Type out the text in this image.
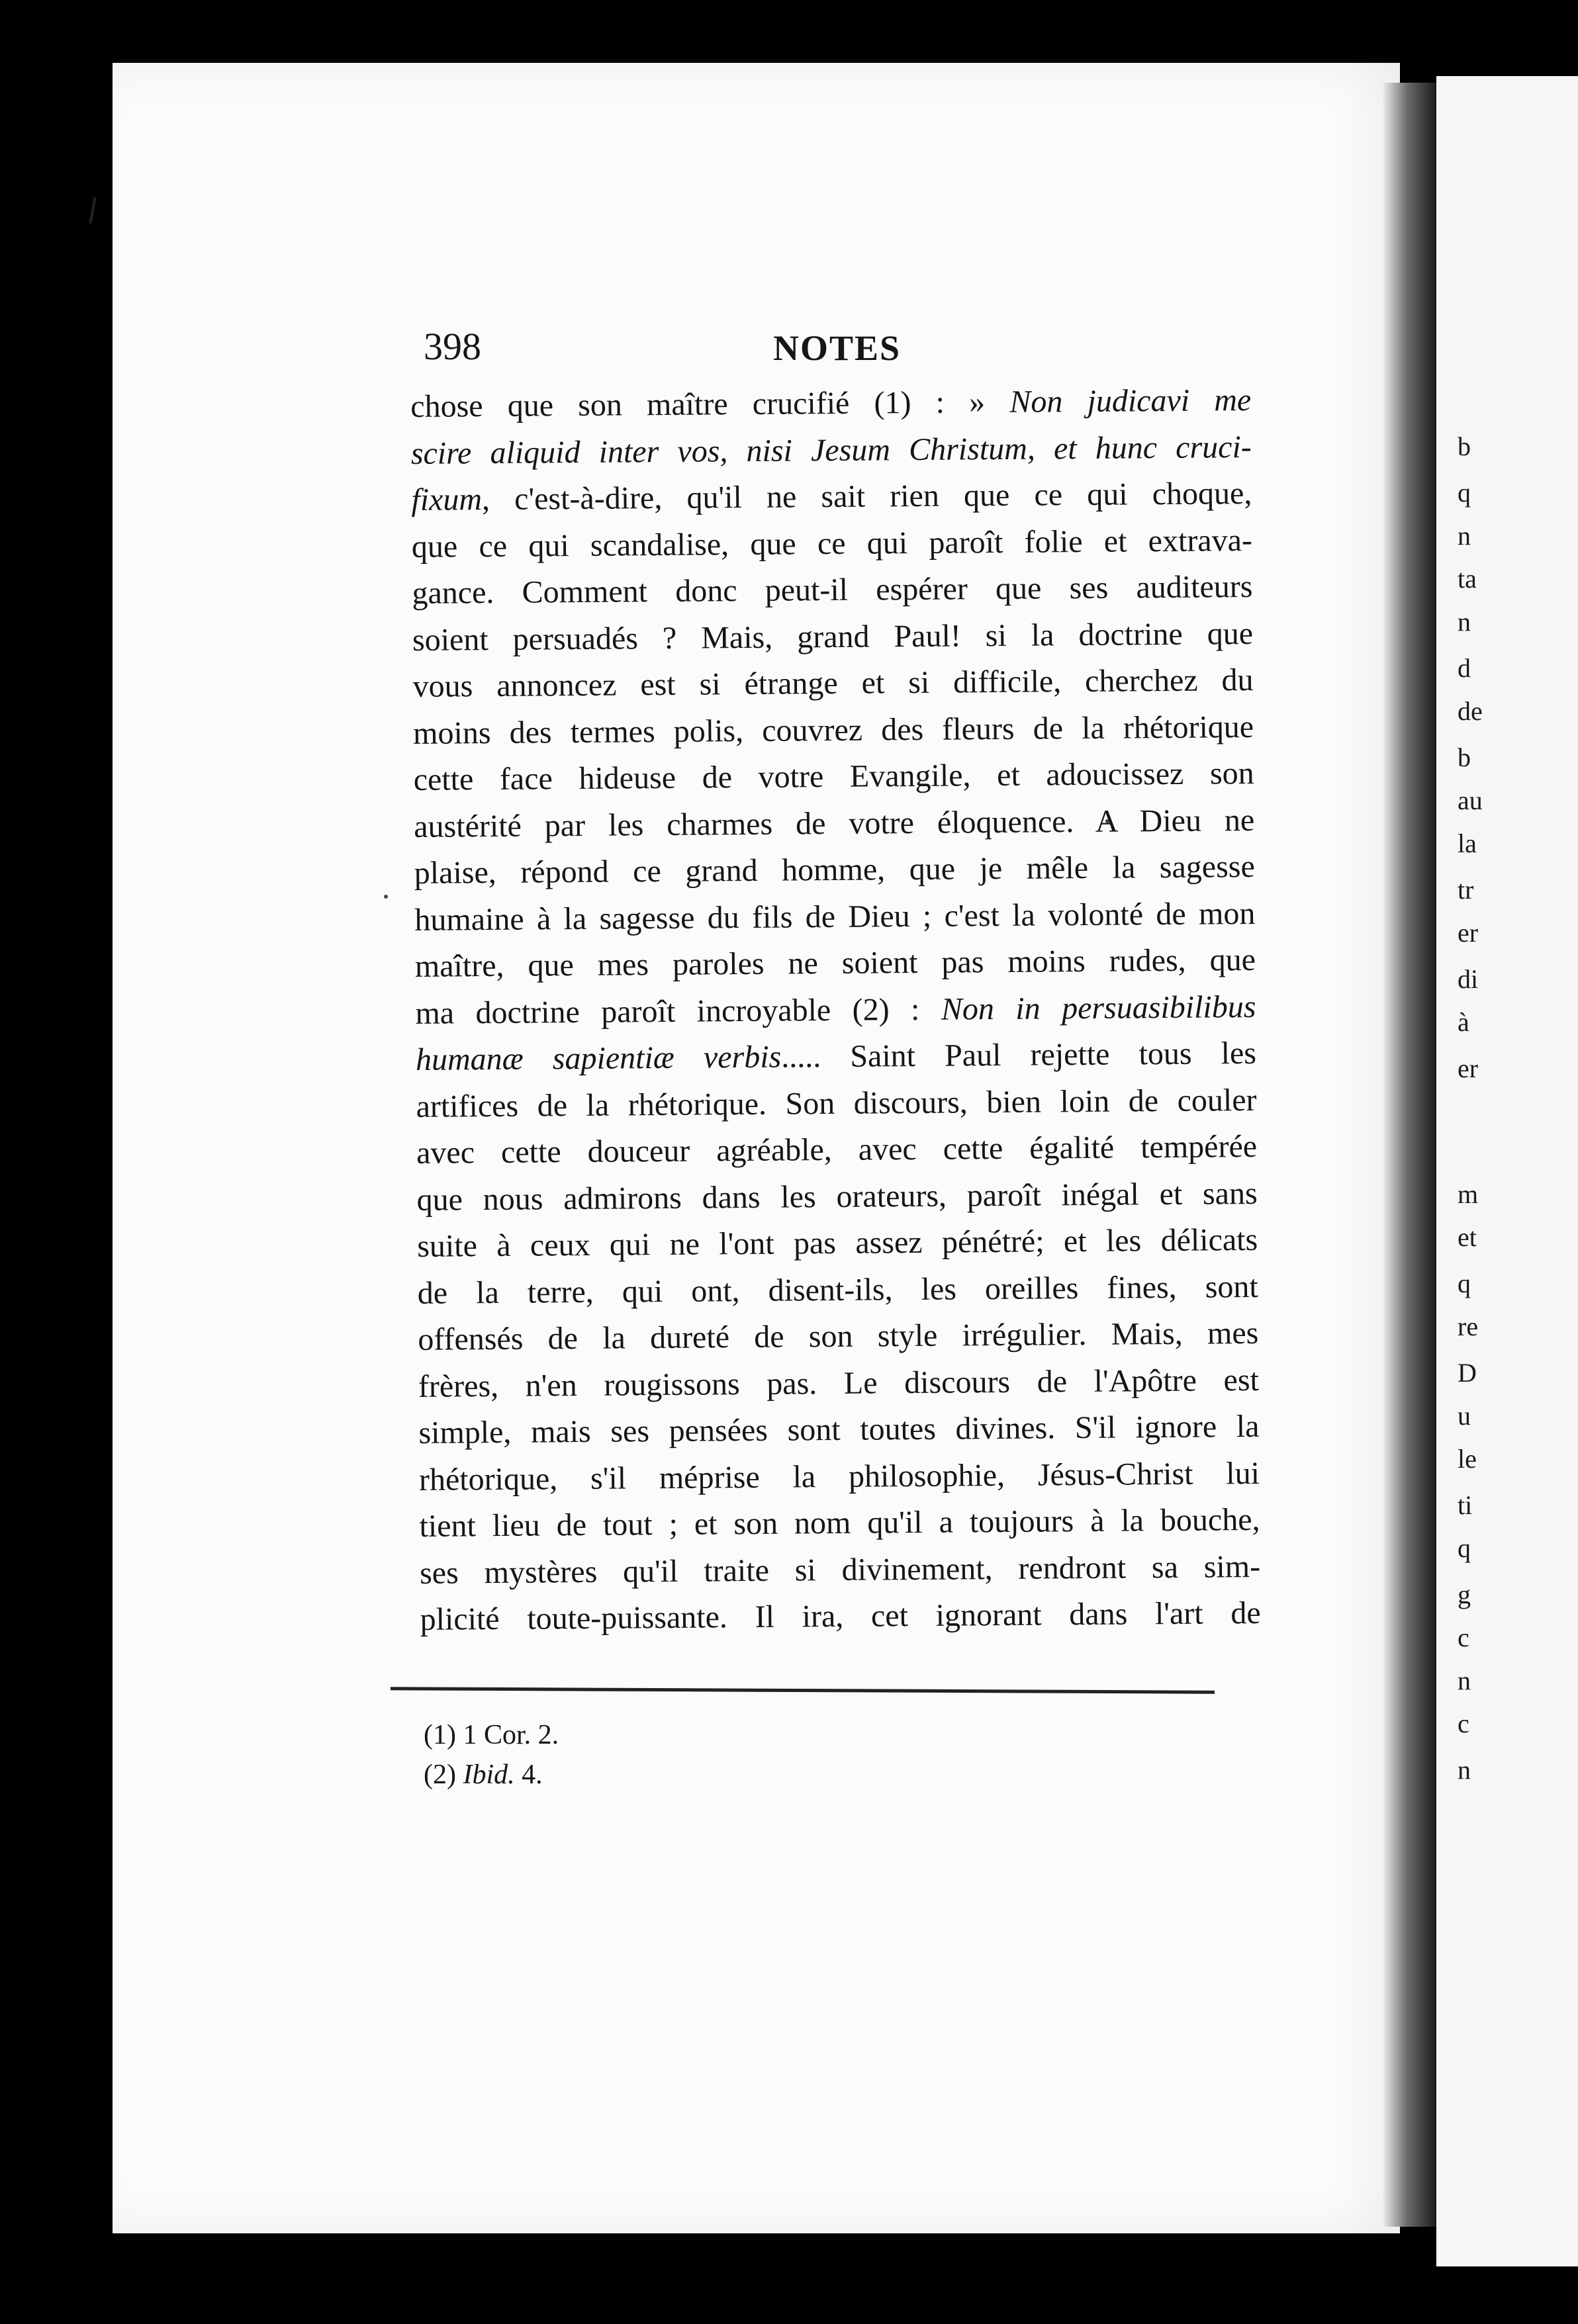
b
q
n
ta
n
d
de
b
au
la
tr
er
di
à
er
m
et
q
re
D
u
le
ti
q
g
c
n
c
n
398	NOTES
chose que son maître crucifié (1) : » Non judicavi me
scire aliquid inter vos, nisi Jesum Christum, et hunc cruci-
fixum, c'est-à-dire, qu'il ne sait rien que ce qui choque,
que ce qui scandalise, que ce qui paroît folie et extrava-
gance. Comment donc peut-il espérer que ses auditeurs
soient persuadés ? Mais, grand Paul! si la doctrine que
vous annoncez est si étrange et si difficile, cherchez du
moins des termes polis, couvrez des fleurs de la rhétorique
cette face hideuse de votre Evangile, et adoucissez son
austérité par les charmes de votre éloquence. A Dieu ne
plaise, répond ce grand homme, que je mêle la sagesse
humaine à la sagesse du fils de Dieu ; c'est la volonté de mon
maître, que mes paroles ne soient pas moins rudes, que
ma doctrine paroît incroyable (2) : Non in persuasibilibus
humanæ sapientiæ verbis..... Saint Paul rejette tous les
artifices de la rhétorique. Son discours, bien loin de couler
avec cette douceur agréable, avec cette égalité tempérée
que nous admirons dans les orateurs, paroît inégal et sans
suite à ceux qui ne l'ont pas assez pénétré; et les délicats
de la terre, qui ont, disent-ils, les oreilles fines, sont
offensés de la dureté de son style irrégulier. Mais, mes
frères, n'en rougissons pas. Le discours de l'Apôtre est
simple, mais ses pensées sont toutes divines. S'il ignore la
rhétorique, s'il méprise la philosophie, Jésus-Christ lui
tient lieu de tout ; et son nom qu'il a toujours à la bouche,
ses mystères qu'il traite si divinement, rendront sa sim-
plicité toute-puissante. Il ira, cet ignorant dans l'art de
(1) 1 Cor. 2.
(2) Ibid. 4.
